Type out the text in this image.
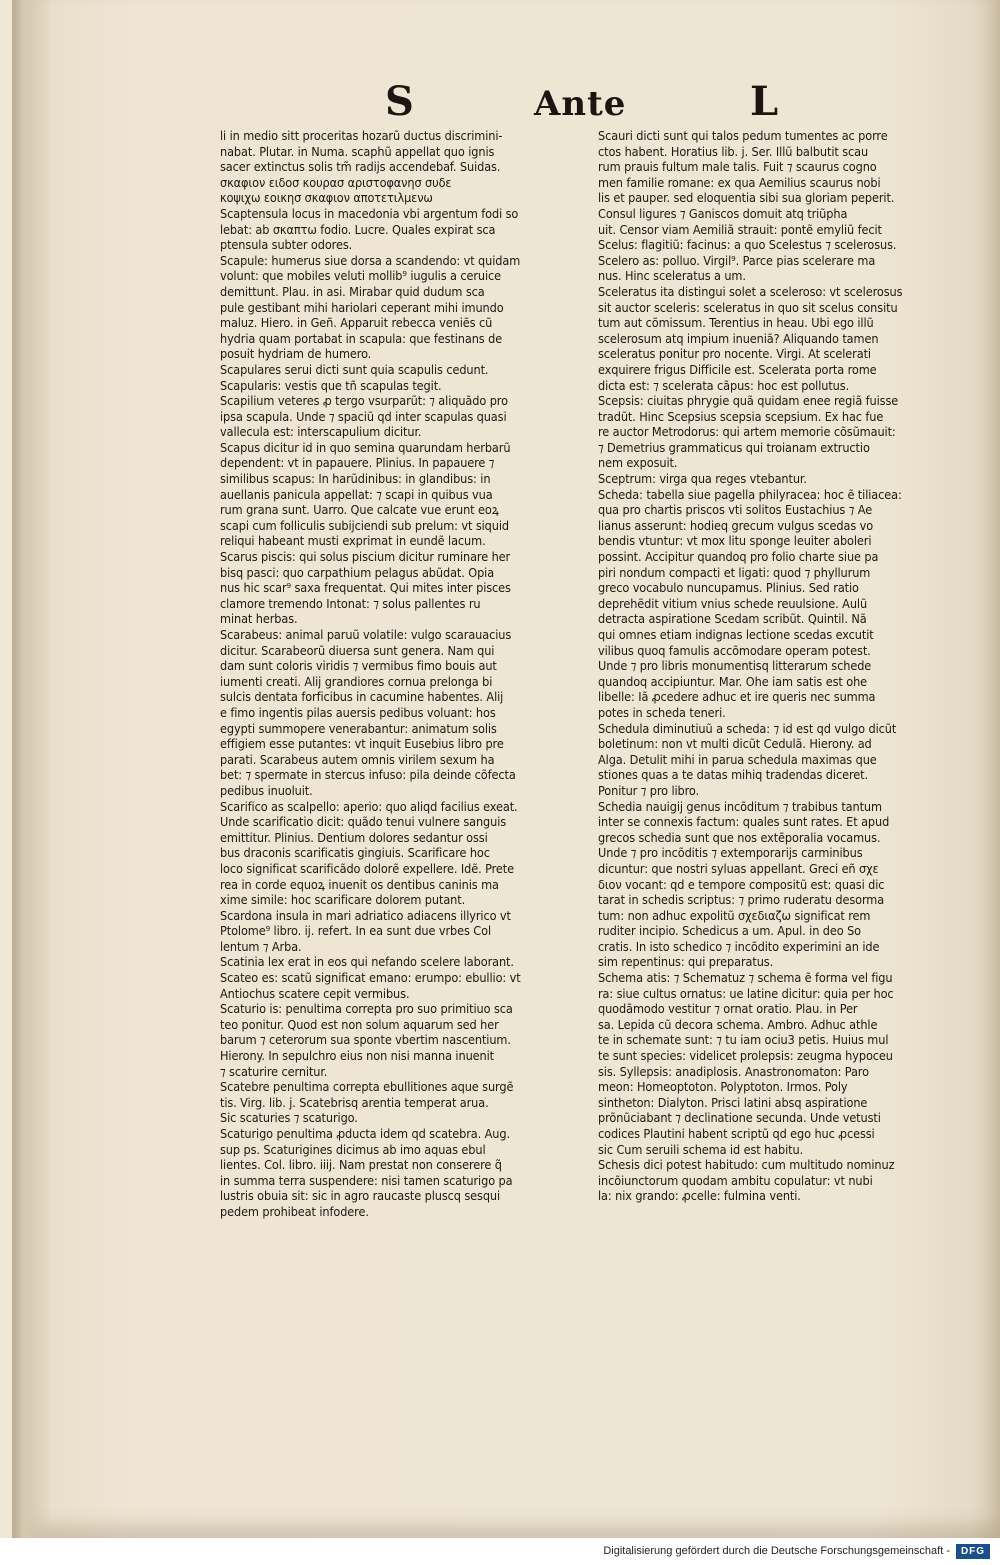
S	Ante	L
li in medio sitt proceritas hozarũ ductus discrimini-
nabat. Plutar. in Numa. scaphũ appellat quo ignis
sacer extinctus solis tm̃ radijs accendebaf. Suidas.
σκαφιον ειδοσ κουρασ αριστοφανησ συδε
κοψιχω εοικησ σκαφιον αποτετιλμενω
Scaptensula locus in macedonia vbi argentum fodi so
lebat: ab σκαπτω fodio. Lucre. Quales expirat sca
ptensula subter odores.
Scapule: humerus siue dorsa a scandendo: vt quidam
volunt: que mobiles veluti mollib⁹ iugulis a ceruice
demittunt. Plau. in asi. Mirabar quid dudum sca
pule gestibant mihi hariolari ceperant mihi imundo
maluz. Hiero. in Geñ. Apparuit rebecca veniẽs cũ
hydria quam portabat in scapula: que festinans de
posuit hydriam de humero.
Scapulares serui dicti sunt quia scapulis cedunt.
Scapularis: vestis que tñ scapulas tegit.
Scapilium veteres ꝓ tergo vsurparũt: ⁊ aliquãdo pro
ipsa scapula. Unde ⁊ spaciũ qd inter scapulas quasi
vallecula est: interscapulium dicitur.
Scapus dicitur id in quo semina quarundam herbarũ
dependent: vt in papauere. Plinius. In papauere ⁊
similibus scapus: In harũdinibus: in glandibus: in
auellanis panicula appellat: ⁊ scapi in quibus vua
rum grana sunt. Uarro. Que calcate vue erunt eoꝝ
scapi cum folliculis subijciendi sub prelum: vt siquid
reliqui habeant musti exprimat in eundẽ lacum.
Scarus piscis: qui solus piscium dicitur ruminare her
bisq pasci: quo carpathium pelagus abũdat. Opia
nus hic scar⁹ saxa frequentat. Qui mites inter pisces
clamore tremendo Intonat: ⁊ solus pallentes ru
minat herbas.
Scarabeus: animal paruũ volatile: vulgo scarauacius
dicitur. Scarabeorũ diuersa sunt genera. Nam qui
dam sunt coloris viridis ⁊ vermibus fimo bouis aut
iumenti creati. Alij grandiores cornua prelonga bi
sulcis dentata forficibus in cacumine habentes. Alij
e fimo ingentis pilas auersis pedibus voluant: hos
egypti summopere venerabantur: animatum solis
effigiem esse putantes: vt inquit Eusebius libro pre
parati. Scarabeus autem omnis virilem sexum ha
bet: ⁊ spermate in stercus infuso: pila deinde cõfecta
pedibus inuoluit.
Scarifico as scalpello: aperio: quo aliqd facilius exeat.
Unde scarificatio dicit: quãdo tenui vulnere sanguis
emittitur. Plinius. Dentium dolores sedantur ossi
bus draconis scarificatis gingiuis. Scarificare hoc
loco significat scarificãdo dolorẽ expellere. Idẽ. Prete
rea in corde equoꝝ inuenit os dentibus caninis ma
xime simile: hoc scarificare dolorem putant.
Scardona insula in mari adriatico adiacens illyrico vt
Ptolome⁹ libro. ij. refert. In ea sunt due vrbes Col
lentum ⁊ Arba.
Scatinia lex erat in eos qui nefando scelere laborant.
Scateo es: scatũ significat emano: erumpo: ebullio: vt
Antiochus scatere cepit vermibus.
Scaturio is: penultima correpta pro suo primitiuo sca
teo ponitur. Quod est non solum aquarum sed her
barum ⁊ ceterorum sua sponte vbertim nascentium.
Hierony. In sepulchro eius non nisi manna inuenit
⁊ scaturire cernitur.
Scatebre penultima correpta ebullitiones aque surgẽ
tis. Virg. lib. j. Scatebrisq arentia temperat arua.
Sic scaturies ⁊ scaturigo.
Scaturigo penultima ꝓducta idem qd scatebra. Aug.
sup ps. Scaturigines dicimus ab imo aquas ebul
lientes. Col. libro. iiij. Nam prestat non conserere q̃
in summa terra suspendere: nisi tamen scaturigo pa
lustris obuia sit: sic in agro raucaste pluscq sesqui
pedem prohibeat infodere.
Scauri dicti sunt qui talos pedum tumentes ac porre
ctos habent. Horatius lib. j. Ser. Illũ balbutit scau
rum prauis fultum male talis. Fuit ⁊ scaurus cogno
men familie romane: ex qua Aemilius scaurus nobi
lis et pauper. sed eloquentia sibi sua gloriam peperit.
Consul ligures ⁊ Ganiscos domuit atq triũpha
uit. Censor viam Aemiliã strauit: pontẽ emyliũ fecit
Scelus: flagitiũ: facinus: a quo Scelestus ⁊ scelerosus.
Scelero as: polluo. Virgil⁹. Parce pias scelerare ma
nus. Hinc sceleratus a um.
Sceleratus ita distingui solet a sceleroso: vt scelerosus
sit auctor sceleris: sceleratus in quo sit scelus consitu
tum aut cõmissum. Terentius in heau. Ubi ego illũ
scelerosum atq impium inueniã? Aliquando tamen
sceleratus ponitur pro nocente. Virgi. At scelerati
exquirere frigus Difficile est. Scelerata porta rome
dicta est: ⁊ scelerata cãpus: hoc est pollutus.
Scepsis: ciuitas phrygie quã quidam enee regiã fuisse
tradũt. Hinc Scepsius scepsia scepsium. Ex hac fue
re auctor Metrodorus: qui artem memorie cõsũmauit:
⁊ Demetrius grammaticus qui troianam extructio
nem exposuit.
Sceptrum: virga qua reges vtebantur.
Scheda: tabella siue pagella philyracea: hoc ẽ tiliacea:
qua pro chartis priscos vti solitos Eustachius ⁊ Ae
lianus asserunt: hodieq grecum vulgus scedas vo
bendis vtuntur: vt mox litu sponge leuiter aboleri
possint. Accipitur quandoq pro folio charte siue pa
piri nondum compacti et ligati: quod ⁊ phyllurum
greco vocabulo nuncupamus. Plinius. Sed ratio
deprehẽdit vitium vnius schede reuulsione. Aulũ
detracta aspiratione Scedam scribũt. Quintil. Nã
qui omnes etiam indignas lectione scedas excutit
vilibus quoq famulis accõmodare operam potest.
Unde ⁊ pro libris monumentisq litterarum schede
quandoq accipiuntur. Mar. Ohe iam satis est ohe
libelle: Iã ꝓcedere adhuc et ire queris nec summa
potes in scheda teneri.
Schedula diminutiuũ a scheda: ⁊ id est qd vulgo dicũt
boletinum: non vt multi dicũt Cedulã. Hierony. ad
Alga. Detulit mihi in parua schedula maximas que
stiones quas a te datas mihiq tradendas diceret.
Ponitur ⁊ pro libro.
Schedia nauigij genus incõditum ⁊ trabibus tantum
inter se connexis factum: quales sunt rates. Et apud
grecos schedia sunt que nos extẽporalia vocamus.
Unde ⁊ pro incõditis ⁊ extemporarijs carminibus
dicuntur: que nostri syluas appellant. Greci eñ σχε
διον vocant: qd e tempore compositũ est: quasi dic
tarat in schedis scriptus: ⁊ primo ruderatu desorma
tum: non adhuc expolitũ σχεδιαζω significat rem
ruditer incipio. Schedicus a um. Apul. in deo So
cratis. In isto schedico ⁊ incõdito experimini an ide
sim repentinus: qui preparatus.
Schema atis: ⁊ Schematuz ⁊ schema ẽ forma vel figu
ra: siue cultus ornatus: ue latine dicitur: quia per hoc
quodãmodo vestitur ⁊ ornat oratio. Plau. in Per
sa. Lepida cũ decora schema. Ambro. Adhuc athle
te in schemate sunt: ⁊ tu iam ociu3 petis. Huius mul
te sunt species: videlicet prolepsis: zeugma hypoceu
sis. Syllepsis: anadiplosis. Anastronomaton: Paro
meon: Homeoptoton. Polyptoton. Irmos. Poly
sintheton: Dialyton. Prisci latini absq aspiratione
prõnũciabant ⁊ declinatione secunda. Unde vetusti
codices Plautini habent scriptũ qd ego huc ꝓcessi
sic Cum seruili schema id est habitu.
Schesis dici potest habitudo: cum multitudo nominuz
incõiunctorum quodam ambitu copulatur: vt nubi
la: nix grando: ꝓcelle: fulmina venti.
Digitalisierung gefördert durch die Deutsche Forschungsgemeinschaft -	DFG
